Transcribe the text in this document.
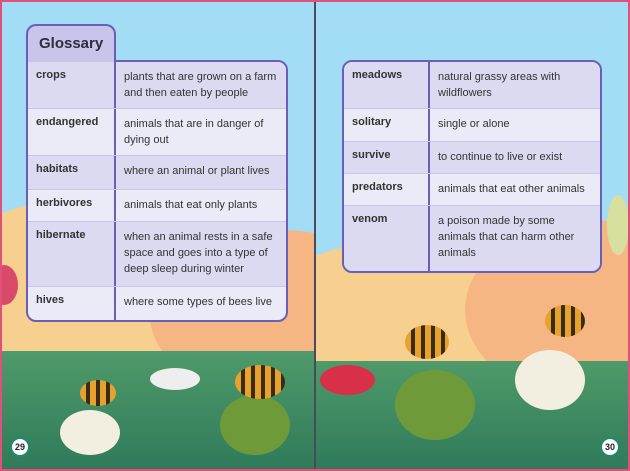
Glossary
crops	plants that are grown on a farm and then eaten by people
endangered	animals that are in danger of dying out
habitats	where an animal or plant lives
herbivores	animals that eat only plants
hibernate	when an animal rests in a safe space and goes into a type of deep sleep during winter
hives	where some types of bees live
29
meadows	natural grassy areas with wildflowers
solitary	single or alone
survive	to continue to live or exist
predators	animals that eat other animals
venom	a poison made by some animals that can harm other animals
30
